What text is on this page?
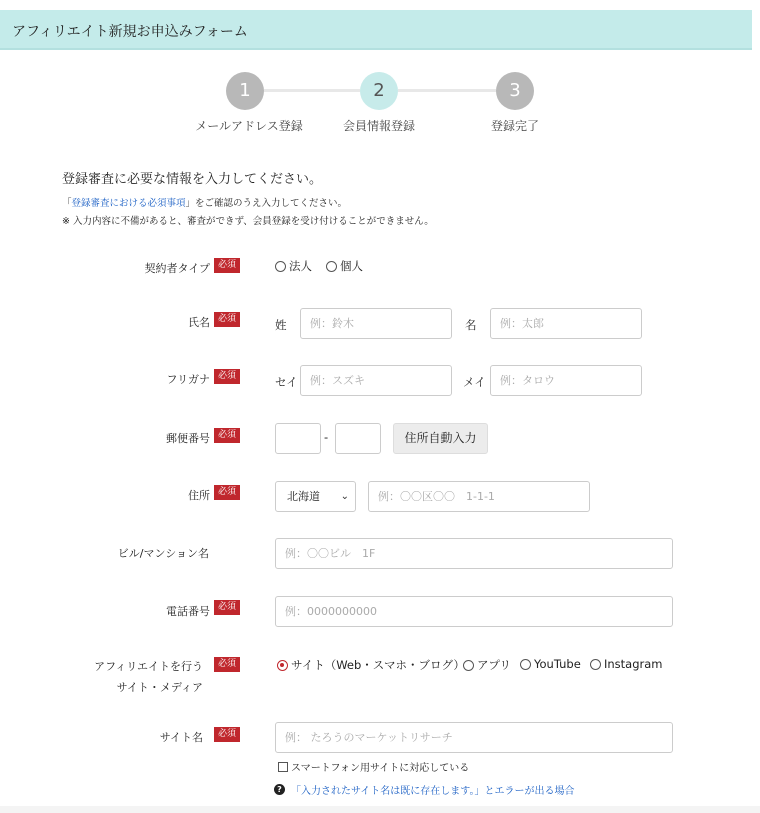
アフィリエイト新規お申込みフォーム
1	2	3
メールアドレス登録	会員情報登録	登録完了
登録審査に必要な情報を入力してください。
「登録審査における必須事項」をご確認のうえ入力してください。
※ 入力内容に不備があると、審査ができず、会員登録を受け付けることができません。
契約者タイプ 必須	法人 個人
氏名 必須	姓	例：鈴木	名	例：太郎
フリガナ 必須	セイ	例：スズキ	メイ	例：タロウ
郵便番号 必須	-	住所自動入力
住所 必須	北海道 ⌄	例：〇〇区〇〇　1-1-1
ビル/マンション名	例：〇〇ビル　1F
電話番号 必須	例：0000000000
アフィリエイトを行う
サイト・メディア
必須	サイト（Web・スマホ・ブログ） アプリ YouTube Instagram
サイト名	必須	例： たろうのマーケットリサーチ
スマートフォン用サイトに対応している
? 「入力されたサイト名は既に存在します。」とエラーが出る場合
